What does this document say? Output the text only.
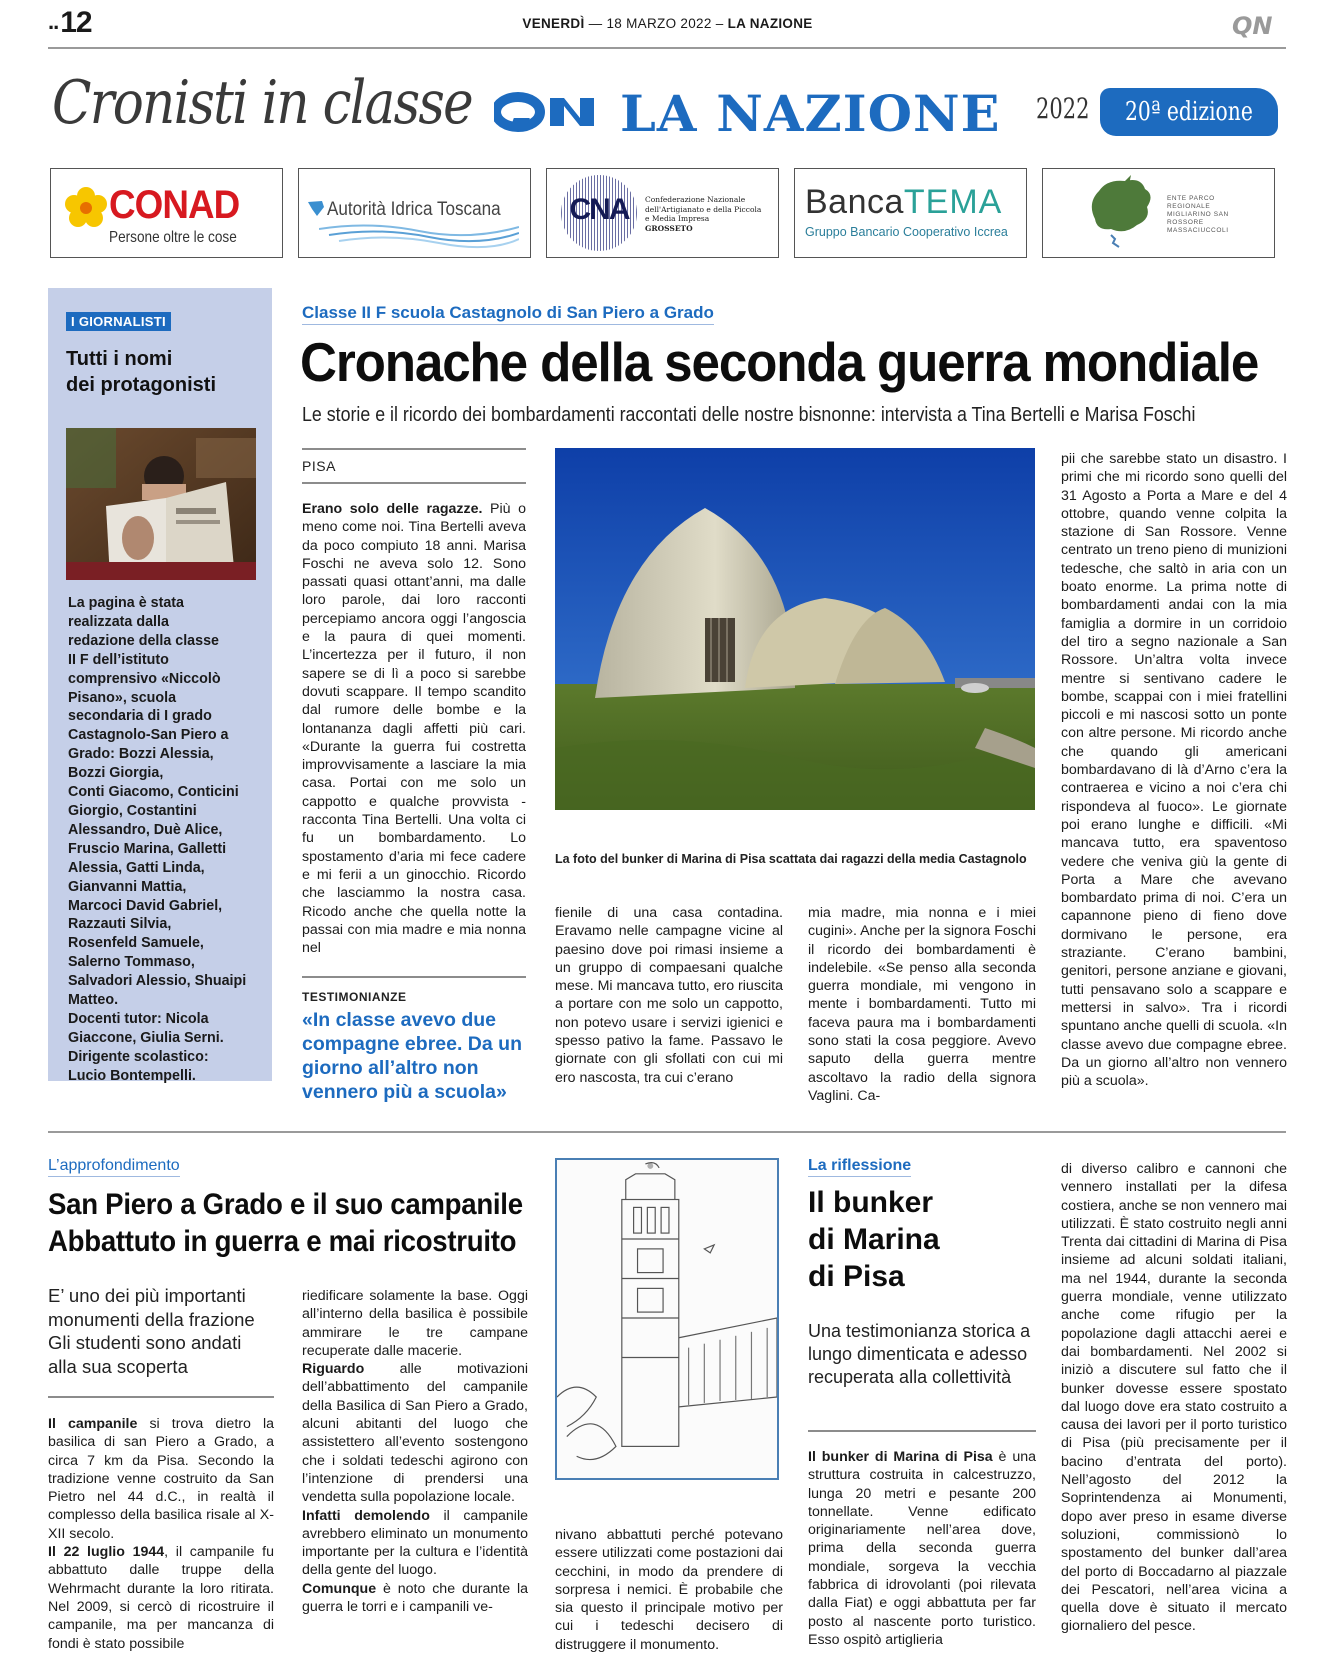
..12	VENERDÌ — 18 MARZO 2022 – LA NAZIONE	QN
Cronisti in classe	LA NAZIONE 2022	20ª edizione
CONAD
Persone oltre le cose
Autorità Idrica Toscana CNA	Confederazione Nazionale
dell'Artigianato e della Piccola
e Media Impresa
GROSSETO
BancaTEMA
Gruppo Bancario Cooperativo Iccrea
ENTE PARCO
REGIONALE
MIGLIARINO SAN
ROSSORE
MASSACIUCCOLI
I GIORNALISTI
Tutti i nomi
dei protagonisti

La pagina è stata

realizzata dalla

redazione della classe

II F dell’istituto

comprensivo «Niccolò

Pisano», scuola

secondaria di I grado

Castagnolo-San Piero a

Grado: Bozzi Alessia,

Bozzi Giorgia,

Conti Giacomo, Conticini

Giorgio, Costantini

Alessandro, Duè Alice,

Fruscio Marina, Galletti

Alessia, Gatti Linda,

Gianvanni Mattia,

Marcoci David Gabriel,

Razzauti Silvia,

Rosenfeld Samuele,

Salerno Tommaso,

Salvadori Alessio, Shuaipi

Matteo.

Docenti tutor: Nicola

Giaccone, Giulia Serni.

Dirigente scolastico:

Lucio Bontempelli.

Classe II F scuola Castagnolo di San Piero a Grado
Cronache della seconda guerra mondiale
Le storie e il ricordo dei bombardamenti raccontati delle nostre bisnonne: intervista a Tina Bertelli e Marisa Foschi
PISA
Erano solo delle ragazze. Più o meno come noi. Tina Bertelli aveva da poco compiuto 18 anni. Marisa Foschi ne aveva solo 12. Sono passati quasi ottant’anni, ma dalle loro parole, dai loro racconti percepiamo ancora oggi l’angoscia e la paura di quei momenti. L’incertezza per il futuro, il non sapere se di lì a poco si sarebbe dovuti scappare. Il tempo scandito dal rumore delle bombe e la lontananza dagli affetti più cari. «Durante la guerra fui costretta improvvisamente a lasciare la mia casa. Portai con me solo un cappotto e qualche provvista - racconta Tina Bertelli. Una volta ci fu un bombardamento. Lo spostamento d’aria mi fece cadere e mi ferii a un ginocchio. Ricordo che lasciammo la nostra casa. Ricodo anche che quella notte la passai con mia madre e mia nonna nel
TESTIMONIANZE
«In classe avevo due compagne ebree. Da un giorno all’altro non vennero più a scuola»
La foto del bunker di Marina di Pisa scattata dai ragazzi della media Castagnolo
fienile di una casa contadina. Eravamo nelle campagne vicine al paesino dove poi rimasi insieme a un gruppo di compaesani qualche mese. Mi mancava tutto, ero riuscita a portare con me solo un cappotto, non potevo usare i servizi igienici e spesso pativo la fame. Passavo le giornate con gli sfollati con cui mi ero nascosta, tra cui c’erano
mia madre, mia nonna e i miei cugini». Anche per la signora Foschi il ricordo dei bombardamenti è indelebile. «Se penso alla seconda guerra mondiale, mi vengono in mente i bombardamenti. Tutto mi faceva paura ma i bombardamenti sono stati la cosa peggiore. Avevo saputo della guerra mentre ascoltavo la radio della signora Vaglini. Ca-
pii che sarebbe stato un disastro. I primi che mi ricordo sono quelli del 31 Agosto a Porta a Mare e del 4 ottobre, quando venne colpita la stazione di San Rossore. Venne centrato un treno pieno di munizioni tedesche, che saltò in aria con un boato enorme. La prima notte di bombardamenti andai con la mia famiglia a dormire in un corridoio del tiro a segno nazionale a San Rossore. Un’altra volta invece mentre si sentivano cadere le bombe, scappai con i miei fratellini piccoli e mi nascosi sotto un ponte con altre persone. Mi ricordo anche che quando gli americani bombardavano di là d’Arno c’era la contraerea e vicino a noi c’era chi rispondeva al fuoco». Le giornate poi erano lunghe e difficili. «Mi mancava tutto, era spaventoso vedere che veniva giù la gente di Porta a Mare che avevano bombardato prima di noi. C’era un capannone pieno di fieno dove dormivano le persone, era straziante. C’erano bambini, genitori, persone anziane e giovani, tutti pensavano solo a scappare e mettersi in salvo». Tra i ricordi spuntano anche quelli di scuola. «In classe avevo due compagne ebree. Da un giorno all’altro non vennero più a scuola».
L’approfondimento
San Piero a Grado e il suo campanile
Abbattuto in guerra e mai ricostruito
E’ uno dei più importanti monumenti della frazione Gli studenti sono andati alla sua scoperta
Il campanile si trova dietro la basilica di san Piero a Grado, a circa 7 km da Pisa. Secondo la tradizione venne costruito da San Pietro nel 44 d.C., in realtà il complesso della basilica risale al X- XII secolo.
Il 22 luglio 1944, il campanile fu abbattuto dalle truppe della Wehrmacht durante la loro ritirata. Nel 2009, si cercò di ricostruire il campanile, ma per mancanza di fondi è stato possibile
riedificare solamente la base. Oggi all’interno della basilica è possibile ammirare le tre campane recuperate dalle macerie.
Riguardo alle motivazioni dell’abbattimento del campanile della Basilica di San Piero a Grado, alcuni abitanti del luogo che assistettero all’evento sostengono che i soldati tedeschi agirono con l’intenzione di prendersi una vendetta sulla popolazione locale.
Infatti demolendo il campanile avrebbero eliminato un monumento importante per la cultura e l’identità della gente del luogo.
Comunque è noto che durante la guerra le torri e i campanili ve-
nivano abbattuti perché potevano essere utilizzati come postazioni dai cecchini, in modo da prendere di sorpresa i nemici. È probabile che sia questo il principale motivo per cui i tedeschi decisero di distruggere il monumento.
La riflessione
Il bunker
di Marina
di Pisa
Una testimonianza storica a lungo dimenticata e adesso recuperata alla collettività
Il bunker di Marina di Pisa è una struttura costruita in calcestruzzo, lunga 20 metri e pesante 200 tonnellate. Venne edificato originariamente nell’area dove, prima della seconda guerra mondiale, sorgeva la vecchia fabbrica di idrovolanti (poi rilevata dalla Fiat) e oggi abbattuta per far posto al nascente porto turistico. Esso ospitò artiglieria
di diverso calibro e cannoni che vennero installati per la difesa costiera, anche se non vennero mai utilizzati. È stato costruito negli anni Trenta dai cittadini di Marina di Pisa insieme ad alcuni soldati italiani, ma nel 1944, durante la seconda guerra mondiale, venne utilizzato anche come rifugio per la popolazione dagli attacchi aerei e dai bombardamenti. Nel 2002 si iniziò a discutere sul fatto che il bunker dovesse essere spostato dal luogo dove era stato costruito a causa dei lavori per il porto turistico di Pisa (più precisamente per il bacino d’entrata del porto). Nell’agosto del 2012 la Soprintendenza ai Monumenti, dopo aver preso in esame diverse soluzioni, commissionò lo spostamento del bunker dall’area del porto di Boccadarno al piazzale dei Pescatori, nell’area vicina a quella dove è situato il mercato giornaliero del pesce.
